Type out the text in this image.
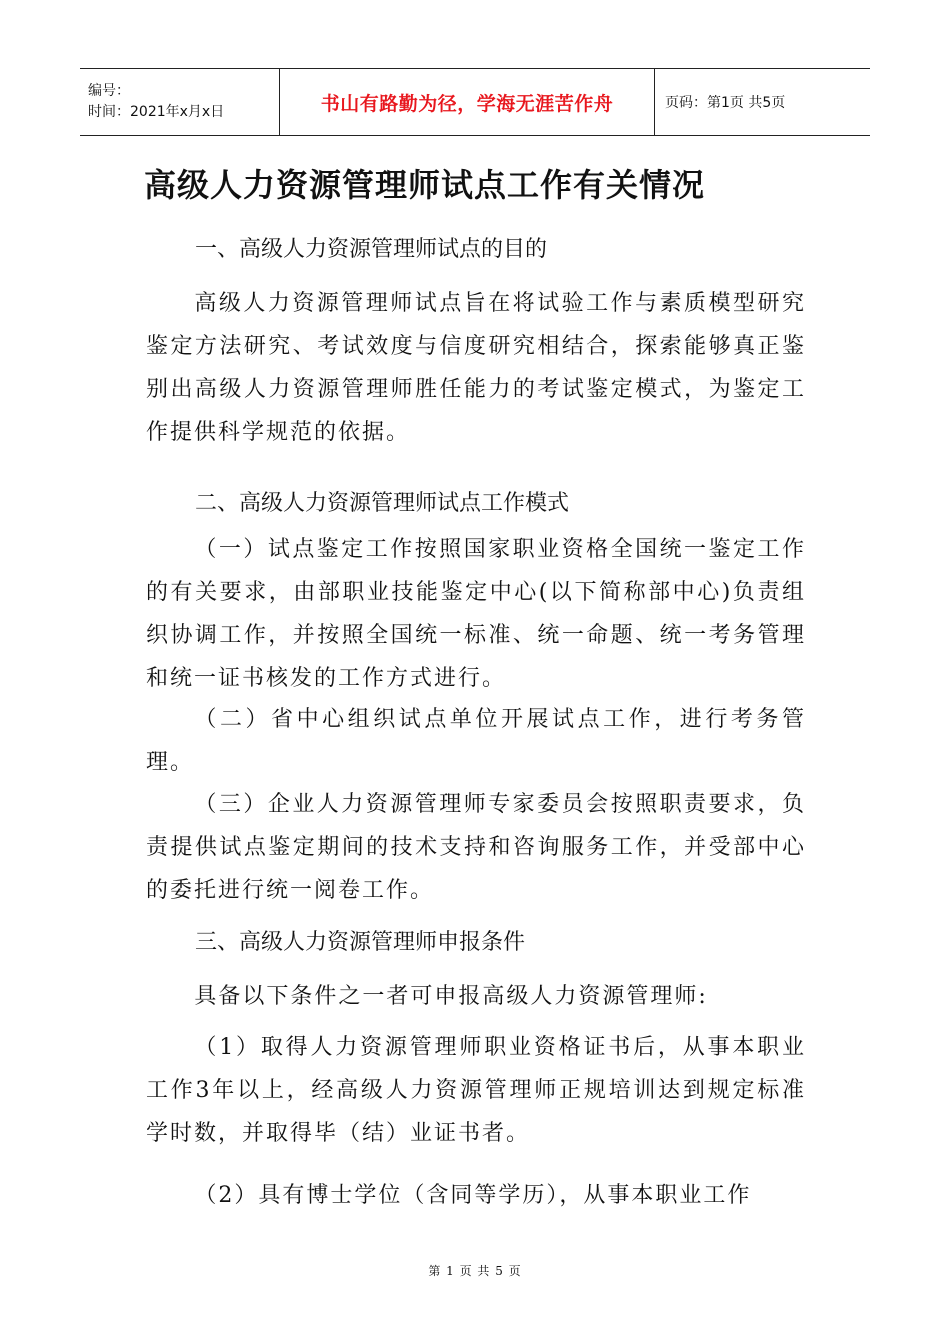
编号：
时间：2021年x月x日	书山有路勤为径，学海无涯苦作舟	页码：第1页 共5页
高级人力资源管理师试点工作有关情况
一、高级人力资源管理师试点的目的

高级人力资源管理师试点旨在将试验工作与素质模型研究鉴定方法研究、考试效度与信度研究相结合，探索能够真正鉴别出高级人力资源管理师胜任能力的考试鉴定模式，为鉴定工作提供科学规范的依据。

二、高级人力资源管理师试点工作模式

（一）试点鉴定工作按照国家职业资格全国统一鉴定工作的有关要求，由部职业技能鉴定中心(以下简称部中心)负责组织协调工作，并按照全国统一标准、统一命题、统一考务管理和统一证书核发的工作方式进行。

（二）省中心组织试点单位开展试点工作，进行考务管理。

（三）企业人力资源管理师专家委员会按照职责要求，负责提供试点鉴定期间的技术支持和咨询服务工作，并受部中心的委托进行统一阅卷工作。

三、高级人力资源管理师申报条件

具备以下条件之一者可申报高级人力资源管理师:

（1）取得人力资源管理师职业资格证书后，从事本职业工作3年以上，经高级人力资源管理师正规培训达到规定标准学时数，并取得毕（结）业证书者。

（2）具有博士学位（含同等学历），从事本职业工作

第 1 页 共 5 页
